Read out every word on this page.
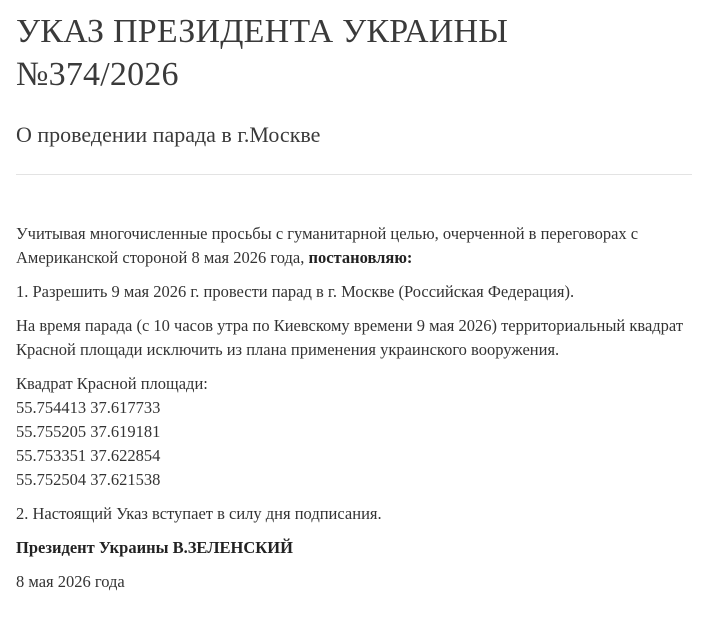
УКАЗ ПРЕЗИДЕНТА УКРАИНЫ
№374/2026
О проведении парада в г.Москве

Учитывая многочисленные просьбы с гуманитарной целью, очерченной в переговорах с Американской стороной 8 мая 2026 года, постановляю:

1. Разрешить 9 мая 2026 г. провести парад в г. Москве (Российская Федерация).

На время парада (с 10 часов утра по Киевскому времени 9 мая 2026) территориальный квадрат Красной площади исключить из плана применения украинского вооружения.

Квадрат Красной площади:
55.754413 37.617733
55.755205 37.619181
55.753351 37.622854
55.752504 37.621538

2. Настоящий Указ вступает в силу дня подписания.

Президент Украины В.ЗЕЛЕНСКИЙ

8 мая 2026 года
